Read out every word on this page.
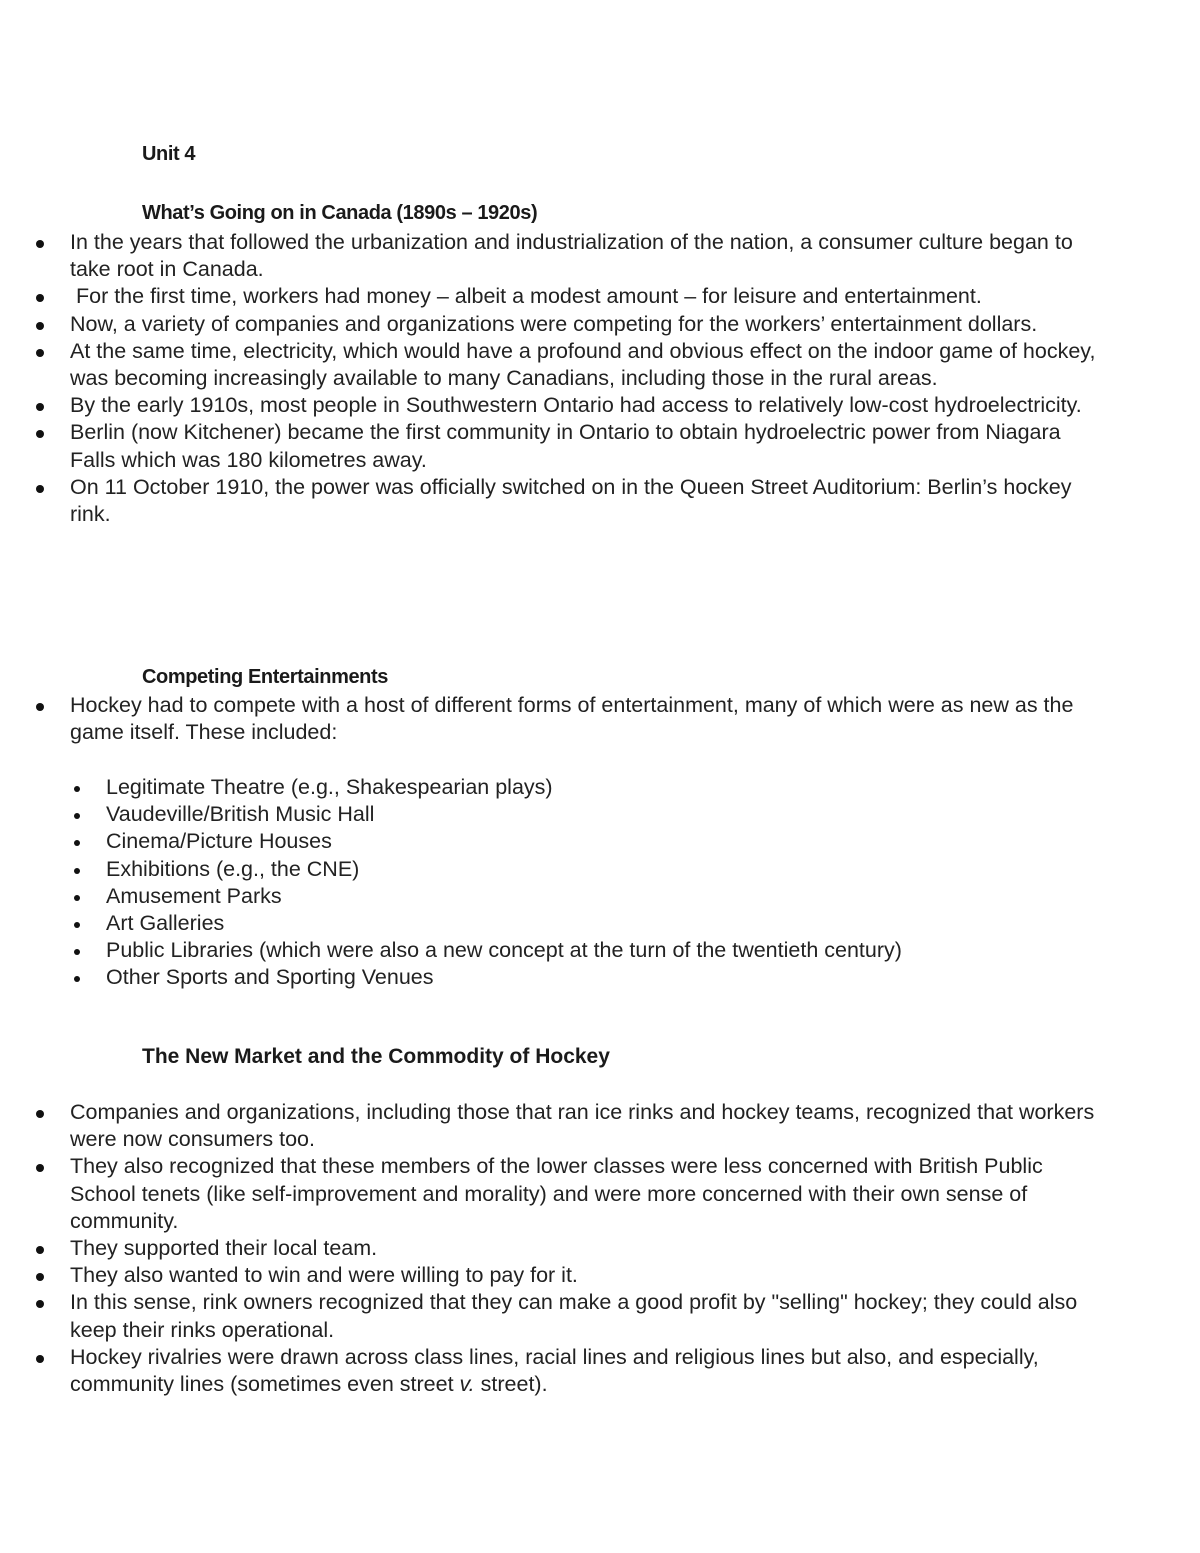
Unit 4
What’s Going on in Canada (1890s – 1920s)
In the years that followed the urbanization and industrialization of the nation, a consumer culture began to take root in Canada.
For the first time, workers had money – albeit a modest amount – for leisure and entertainment.
Now, a variety of companies and organizations were competing for the workers’ entertainment dollars.
At the same time, electricity, which would have a profound and obvious effect on the indoor game of hockey, was becoming increasingly available to many Canadians, including those in the rural areas.
By the early 1910s, most people in Southwestern Ontario had access to relatively low-cost hydroelectricity.
Berlin (now Kitchener) became the first community in Ontario to obtain hydroelectric power from Niagara Falls which was 180 kilometres away.
On 11 October 1910, the power was officially switched on in the Queen Street Auditorium: Berlin’s hockey rink.
Competing Entertainments
Hockey had to compete with a host of different forms of entertainment, many of which were as new as the game itself. These included:
Legitimate Theatre (e.g., Shakespearian plays)
Vaudeville/British Music Hall
Cinema/Picture Houses
Exhibitions (e.g., the CNE)
Amusement Parks
Art Galleries
Public Libraries (which were also a new concept at the turn of the twentieth century)
Other Sports and Sporting Venues
The New Market and the Commodity of Hockey
Companies and organizations, including those that ran ice rinks and hockey teams, recognized that workers were now consumers too.
They also recognized that these members of the lower classes were less concerned with British Public School tenets (like self-improvement and morality) and were more concerned with their own sense of community.
They supported their local team.
They also wanted to win and were willing to pay for it.
In this sense, rink owners recognized that they can make a good profit by "selling" hockey; they could also keep their rinks operational.
Hockey rivalries were drawn across class lines, racial lines and religious lines but also, and especially, community lines (sometimes even street v. street).
